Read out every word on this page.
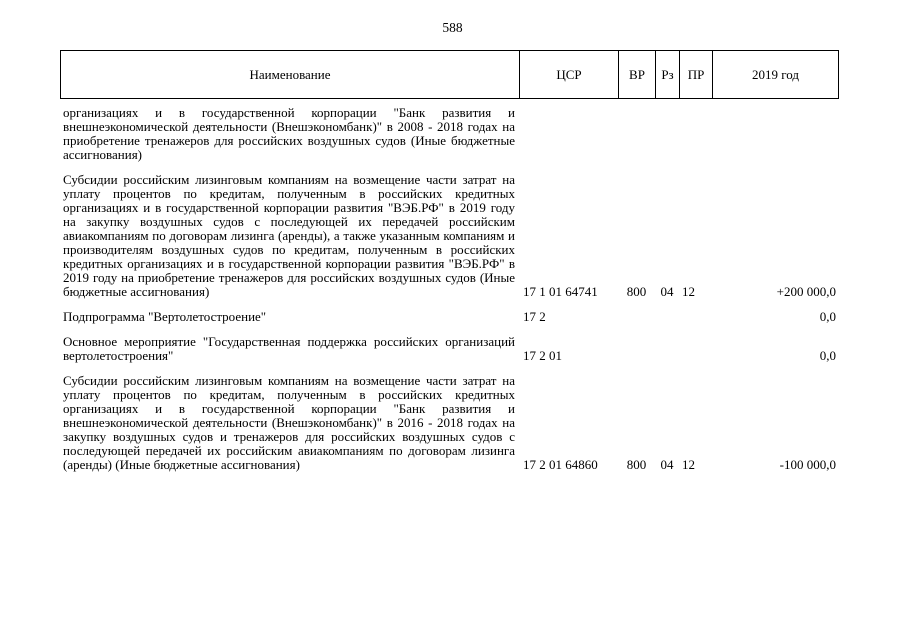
588
Наименование	ЦСР	ВР	Рз	ПР	2019 год
организациях и в государственной корпорации "Банк развития и внешнеэкономической деятельности (Внешэкономбанк)" в 2008 - 2018 годах на приобретение тренажеров для российских воздушных судов (Иные бюджетные ассигнования)					

Субсидии российским лизинговым компаниям на возмещение части затрат на уплату процентов по кредитам, полученным в российских кредитных организациях и в государственной корпорации развития "ВЭБ.РФ" в 2019 году на закупку воздушных судов с последующей их передачей российским авиакомпаниям по договорам лизинга (аренды), а также указанным компаниям и производителям воздушных судов по кредитам, полученным в российских кредитных организациях и в государственной корпорации развития "ВЭБ.РФ" в 2019 году на приобретение тренажеров для российских воздушных судов (Иные бюджетные ассигнования)	17 1 01 64741	800	04	12	+200 000,0

Подпрограмма "Вертолетостроение"	17 2				0,0

Основное мероприятие "Государственная поддержка российских организаций вертолетостроения"	17 2 01				0,0

Субсидии российским лизинговым компаниям на возмещение части затрат на уплату процентов по кредитам, полученным в российских кредитных организациях и в государственной корпорации "Банк развития и внешнеэкономической деятельности (Внешэкономбанк)" в 2016 - 2018 годах на закупку воздушных судов и тренажеров для российских воздушных судов с последующей передачей их российским авиакомпаниям по договорам лизинга (аренды) (Иные бюджетные ассигнования)	17 2 01 64860	800	04	12	-100 000,0
